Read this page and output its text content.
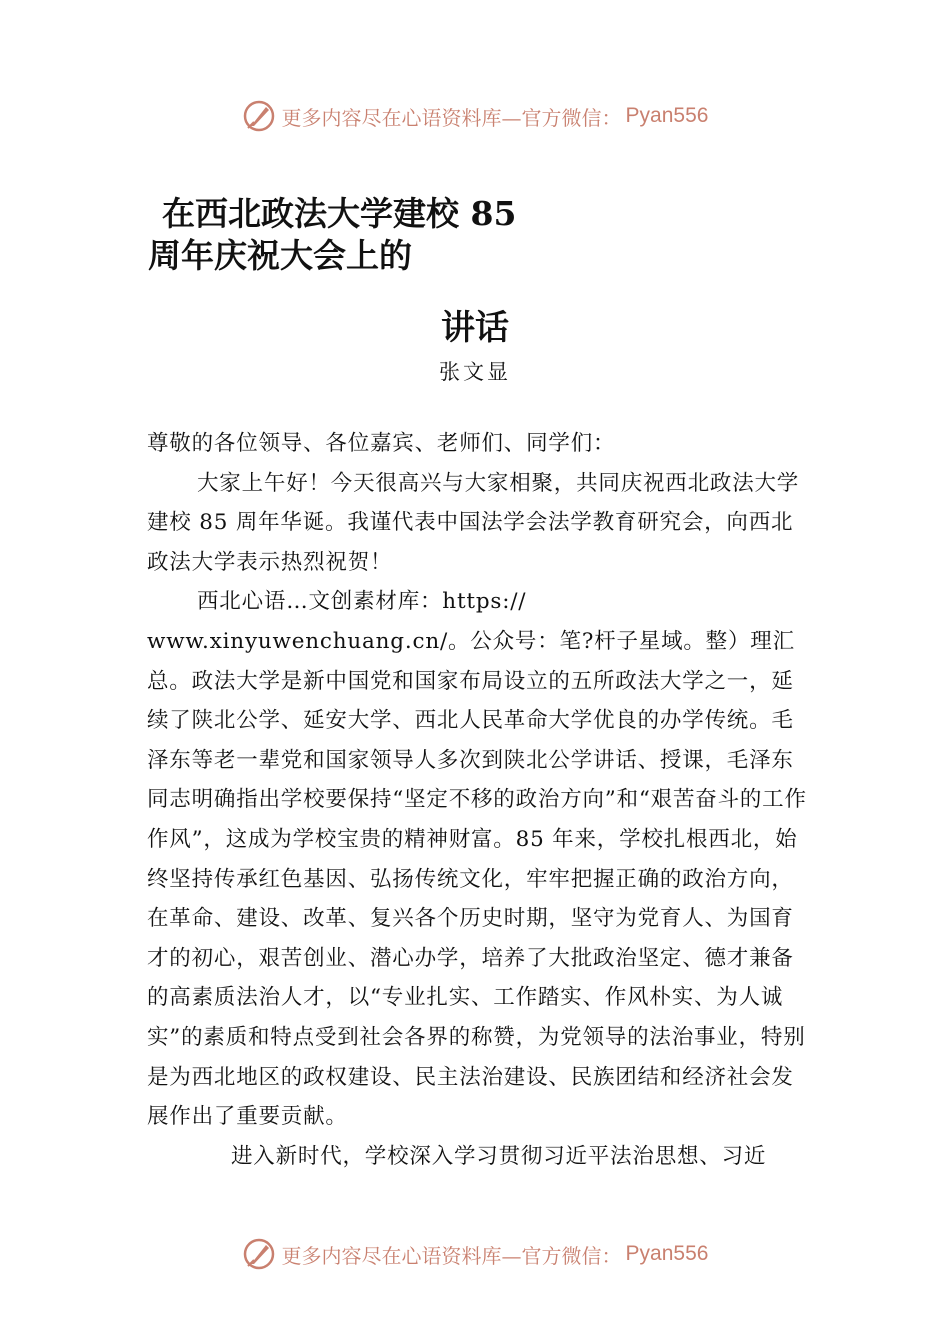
更多内容尽在心语资料库—官方微信： Pyan556
在西北政法大学建校 85
周年庆祝大会上的
讲话
张文显

尊敬的各位领导、各位嘉宾、老师们、同学们：

大家上午好！今天很高兴与大家相聚，共同庆祝西北政法大学建校 85 周年华诞。我谨代表中国法学会法学教育研究会，向西北政法大学表示热烈祝贺！

西北心语…文创素材库：https://

www.xinyuwenchuang.cn/。公众号：笔?杆子星域。整）理汇总。政法大学是新中国党和国家布局设立的五所政法大学之一，延续了陕北公学、延安大学、西北人民革命大学优良的办学传统。毛泽东等老一辈党和国家领导人多次到陕北公学讲话、授课，毛泽东同志明确指出学校要保持“坚定不移的政治方向”和“艰苦奋斗的工作作风”，这成为学校宝贵的精神财富。85 年来，学校扎根西北，始终坚持传承红色基因、弘扬传统文化，牢牢把握正确的政治方向，在革命、建设、改革、复兴各个历史时期，坚守为党育人、为国育才的初心，艰苦创业、潜心办学，培养了大批政治坚定、德才兼备的高素质法治人才，以“专业扎实、工作踏实、作风朴实、为人诚实”的素质和特点受到社会各界的称赞，为党领导的法治事业，特别是为西北地区的政权建设、民主法治建设、民族团结和经济社会发展作出了重要贡献。

进入新时代，学校深入学习贯彻习近平法治思想、习近

更多内容尽在心语资料库—官方微信： Pyan556
